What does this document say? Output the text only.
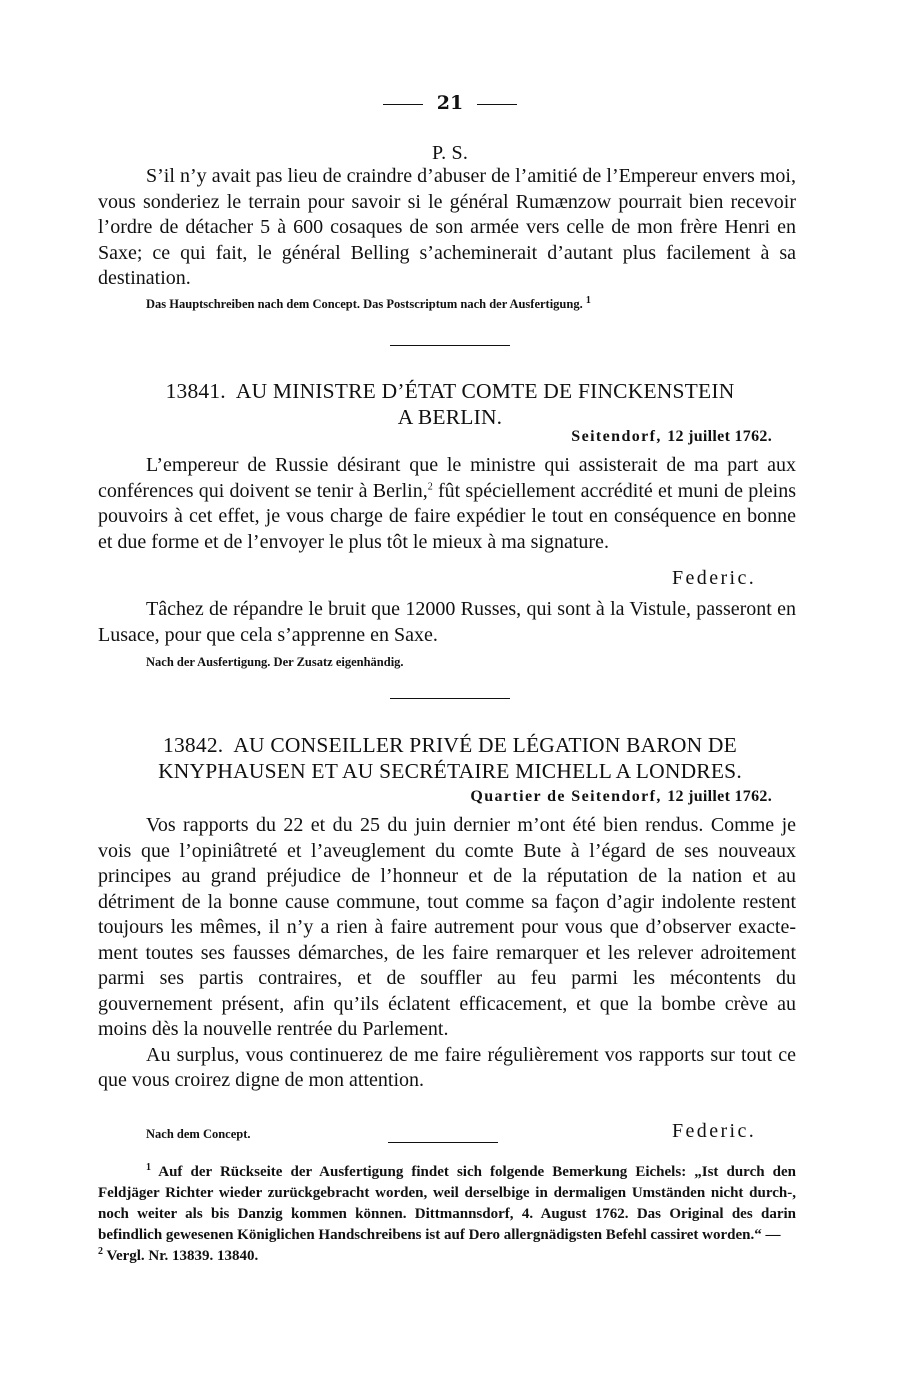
21
P. S.

S’il n’y avait pas lieu de craindre d’abuser de l’amitié de l’Empereur envers moi, vous sonderiez le terrain pour savoir si le général Rumænzow pourrait bien recevoir l’ordre de détacher 5 à 600 cosaques de son armée vers celle de mon frère Henri en Saxe; ce qui fait, le général Belling s’acheminerait d’autant plus facilement à sa destination.

Das Hauptschreiben nach dem Concept. Das Postscriptum nach der Ausfertigung. $^1$
13841. AU MINISTRE D’ÉTAT COMTE DE FINCKENSTEIN
A BERLIN.
Seitendorf, 12 juillet 1762.

L’empereur de Russie désirant que le ministre qui assisterait de ma part aux conférences qui doivent se tenir à Berlin,$^2$ fût spéciellement accrédité et muni de pleins pouvoirs à cet effet, je vous charge de faire expédier le tout en conséquence en bonne et due forme et de l’envoyer le plus tôt le mieux à ma signature.

Federic.

Tâchez de répandre le bruit que 12000 Russes, qui sont à la Vistule, passeront en Lusace, pour que cela s’apprenne en Saxe.

Nach der Ausfertigung. Der Zusatz eigenhändig.
13842. AU CONSEILLER PRIVÉ DE LÉGATION BARON DE
KNYPHAUSEN ET AU SECRÉTAIRE MICHELL A LONDRES.
Quartier de Seitendorf, 12 juillet 1762.

Vos rapports du 22 et du 25 du juin dernier m’ont été bien rendus. Comme je vois que l’opiniâtreté et l’aveuglement du comte Bute à l’égard de ses nouveaux principes au grand préjudice de l’honneur et de la réputation de la nation et au détriment de la bonne cause commune, tout comme sa façon d’agir indolente restent toujours les mêmes, il n’y a rien à faire autrement pour vous que d’observer exactement toutes ses fausses démarches, de les faire remarquer et les relever adroitement parmi ses partis contraires, et de souffler au feu parmi les mécontents du gouvernement présent, afin qu’ils éclatent efficacement, et que la bombe crève au moins dès la nouvelle rentrée du Parlement.

Au surplus, vous continuerez de me faire régulièrement vos rapports sur tout ce que vous croirez digne de mon attention.

Nach dem Concept.	Federic.

$^1$ Auf der Rückseite der Ausfertigung findet sich folgende Bemerkung Eichels: „Ist durch den Feldjäger Richter wieder zurückgebracht worden, weil derselbige in dermaligen Umständen nicht durch-, noch weiter als bis Danzig kommen können. Dittmannsdorf, 4. August 1762. Das Original des darin befindlich gewesenen Königlichen Handschreibens ist auf Dero allergnädigsten Befehl cassiret worden.“ —

$^2$ Vergl. Nr. 13839. 13840.
